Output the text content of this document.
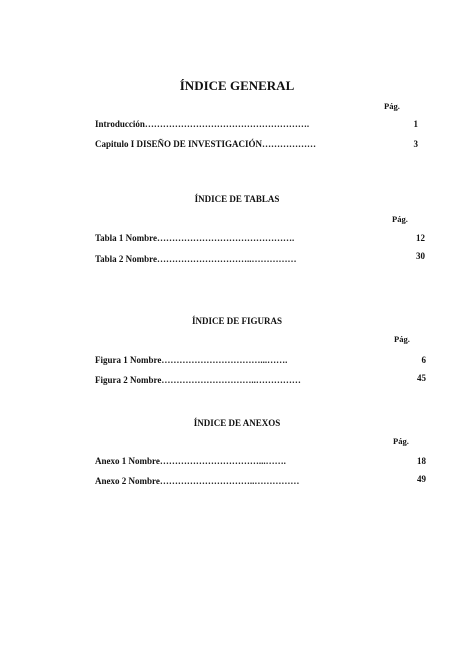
ÍNDICE GENERAL
Pág.
Introducción……………………………………………….	1
Capitulo I DISEÑO DE INVESTIGACIÓN………………	3
ÍNDICE DE TABLAS
Pág.
Tabla 1 Nombre……………………………………….	12
Tabla 2 Nombre…………………………..……………	30
ÍNDICE DE FIGURAS
Pág.
Figura 1 Nombre……………………………...…….	6
Figura 2 Nombre…………………………..……………	45
ÍNDICE DE ANEXOS
Pág.
Anexo 1 Nombre……………………………...…….	18
Anexo 2 Nombre…………………………..……………	49
